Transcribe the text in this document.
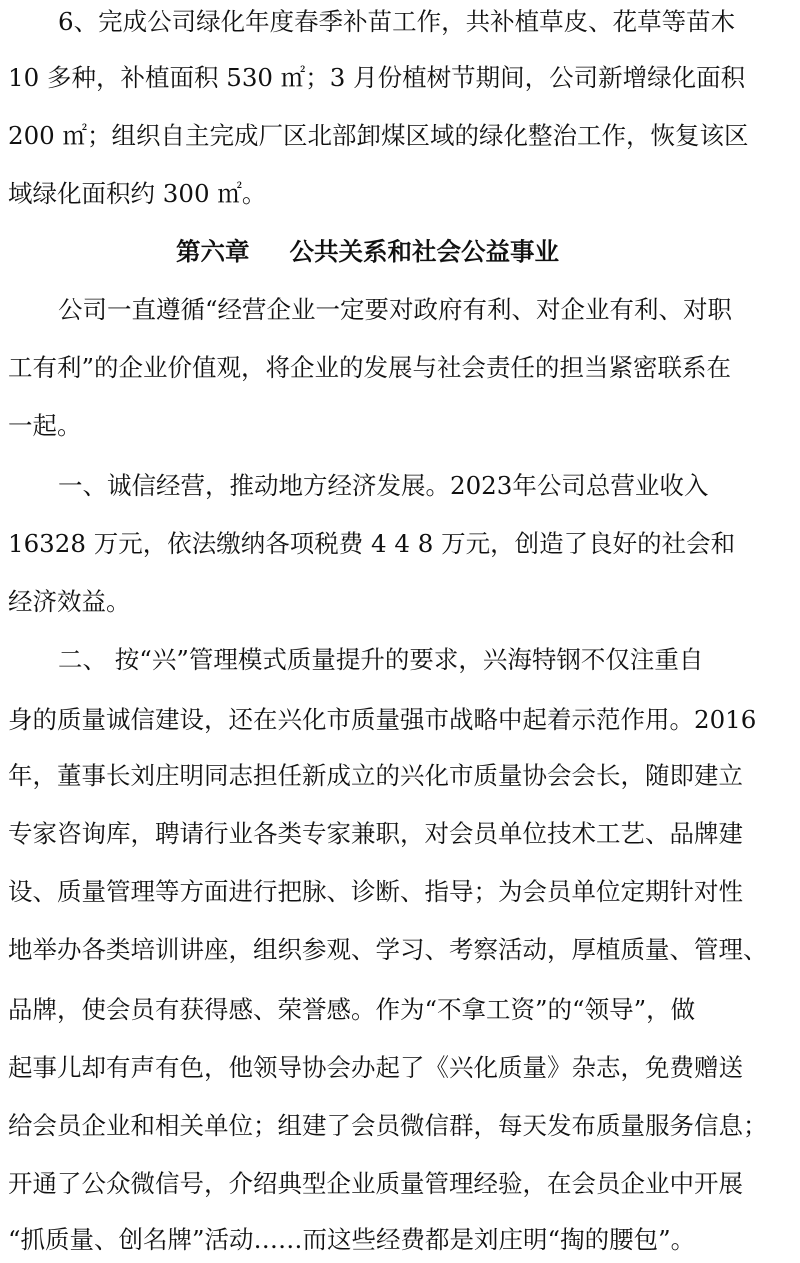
6、完成公司绿化年度春季补苗工作，共补植草皮、花草等苗木
10 多种，补植面积 530 ㎡；3 月份植树节期间，公司新增绿化面积
200 ㎡；组织自主完成厂区北部卸煤区域的绿化整治工作，恢复该区
域绿化面积约 300 ㎡。
第六章 公共关系和社会公益事业
公司一直遵循“经营企业一定要对政府有利、对企业有利、对职
工有利”的企业价值观，将企业的发展与社会责任的担当紧密联系在
一起。
一、诚信经营，推动地方经济发展。2023年公司总营业收入
16328 万元，依法缴纳各项税费 4 4 8 万元，创造了良好的社会和
经济效益。
二、 按“兴”管理模式质量提升的要求，兴海特钢不仅注重自
身的质量诚信建设，还在兴化市质量强市战略中起着示范作用。2016
年，董事长刘庄明同志担任新成立的兴化市质量协会会长，随即建立
专家咨询库，聘请行业各类专家兼职，对会员单位技术工艺、品牌建
设、质量管理等方面进行把脉、诊断、指导；为会员单位定期针对性
地举办各类培训讲座，组织参观、学习、考察活动，厚植质量、管理、
品牌，使会员有获得感、荣誉感。作为“不拿工资”的“领导”，做
起事儿却有声有色，他领导协会办起了《兴化质量》杂志，免费赠送
给会员企业和相关单位；组建了会员微信群，每天发布质量服务信息；
开通了公众微信号，介绍典型企业质量管理经验，在会员企业中开展
“抓质量、创名牌”活动……而这些经费都是刘庄明“掏的腰包”。
